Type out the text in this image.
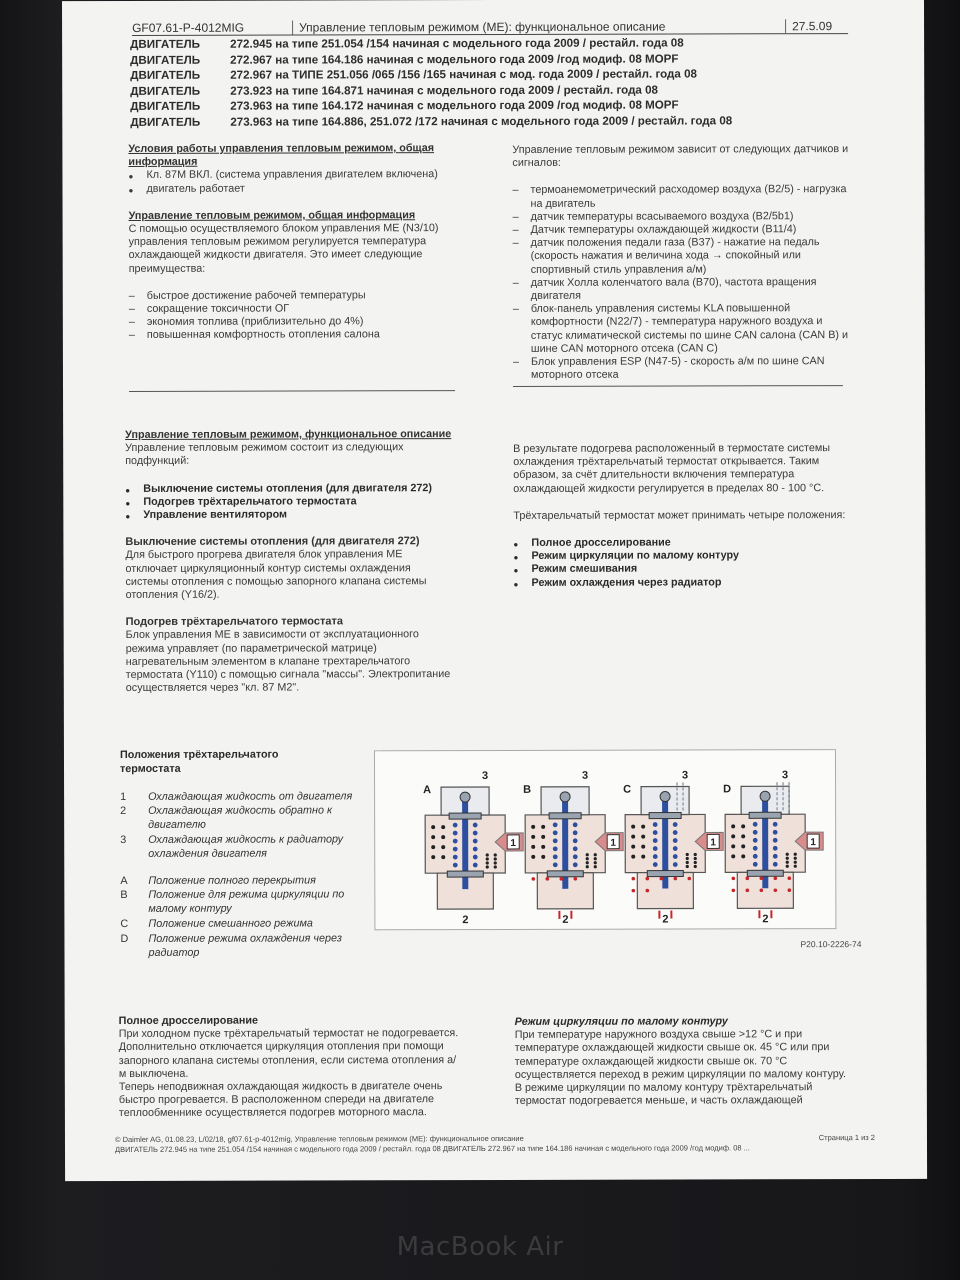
GF07.61-P-4012MIG	Управление тепловым режимом (ME): функциональное описание	27.5.09
ДВИГАТЕЛЬ	272.945 на типе 251.054 /154 начиная с модельного года 2009 / рестайл. года 08
ДВИГАТЕЛЬ	272.967 на типе 164.186 начиная с модельного года 2009 /год модиф. 08 MOPF
ДВИГАТЕЛЬ	272.967 на ТИПЕ 251.056 /065 /156 /165 начиная с мод. года 2009 / рестайл. года 08
ДВИГАТЕЛЬ	273.923 на типе 164.871 начиная с модельного года 2009 / рестайл. года 08
ДВИГАТЕЛЬ	273.963 на типе 164.172 начиная с модельного года 2009 /год модиф. 08 MOPF
ДВИГАТЕЛЬ	273.963 на типе 164.886, 251.072 /172 начиная с модельного года 2009 / рестайл. года 08
Условия работы управления тепловым режимом, общая информация
● Кл. 87M ВКЛ. (система управления двигателем включена)
● двигатель работает
Управление тепловым режимом, общая информация
С помощью осуществляемого блоком управления ME (N3/10) управления тепловым режимом регулируется температура охлаждающей жидкости двигателя. Это имеет следующие преимущества:
– быстрое достижение рабочей температуры
– сокращение токсичности ОГ
– экономия топлива (приблизительно до 4%)
– повышенная комфортность отопления салона
Управление тепловым режимом зависит от следующих датчиков и сигналов:
– термоанемометрический расходомер воздуха (B2/5) - нагрузка на двигатель
– датчик температуры всасываемого воздуха (B2/5b1)
– Датчик температуры охлаждающей жидкости (B11/4)
– датчик положения педали газа (B37) - нажатие на педаль (скорость нажатия и величина хода → спокойный или спортивный стиль управления а/м)
– датчик Холла коленчатого вала (B70), частота вращения двигателя
– блок-панель управления системы KLA повышенной комфортности (N22/7) - температура наружного воздуха и статус климатической системы по шине CAN салона (CAN B) и шине CAN моторного отсека (CAN C)
– Блок управления ESP (N47-5) - скорость а/м по шине CAN моторного отсека
Управление тепловым режимом, функциональное описание
Управление тепловым режимом состоит из следующих подфункций:
● Выключение системы отопления (для двигателя 272)
● Подогрев трёхтарельчатого термостата
● Управление вентилятором
Выключение системы отопления (для двигателя 272)
Для быстрого прогрева двигателя блок управления ME отключает циркуляционный контур системы охлаждения системы отопления с помощью запорного клапана системы отопления (Y16/2).
Подогрев трёхтарельчатого термостата
Блок управления ME в зависимости от эксплуатационного режима управляет (по параметрической матрице) нагревательным элементом в клапане трехтарельчатого термостата (Y110) с помощью сигнала "массы". Электропитание осуществляется через "кл. 87 M2".
В результате подогрева расположенный в термостате системы охлаждения трёхтарельчатый термостат открывается. Таким образом, за счёт длительности включения температура охлаждающей жидкости регулируется в пределах 80 - 100 °C.
Трёхтарельчатый термостат может принимать четыре положения:
● Полное дросселирование
● Режим циркуляции по малому контуру
● Режим смешивания
● Режим охлаждения через радиатор
Положения трёхтарельчатого термостата
1	Охлаждающая жидкость от двигателя
2	Охлаждающая жидкость обратно к двигателю
3	Охлаждающая жидкость к радиатору охлаждения двигателя
A	Положение полного перекрытия
B	Положение для режима циркуляции по малому контуру
C	Положение смешанного режима
D	Положение режима охлаждения через радиатор
1
A
3
2
1
B
3
2
1
C
3
2
1
D
3
2
P20.10-2226-74
Полное дросселирование
При холодном пуске трёхтарельчатый термостат не подогревается. Дополнительно отключается циркуляция отопления при помощи запорного клапана системы отопления, если система отопления а/м выключена.
Теперь неподвижная охлаждающая жидкость в двигателе очень быстро прогревается. В расположенном спереди на двигателе теплообменнике осуществляется подогрев моторного масла.
Режим циркуляции по малому контуру
При температуре наружного воздуха свыше >12 °C и при температуре охлаждающей жидкости свыше ок. 45 °C или при температуре охлаждающей жидкости свыше ок. 70 °C осуществляется переход в режим циркуляции по малому контуру.
В режиме циркуляции по малому контуру трёхтарельчатый термостат подогревается меньше, и часть охлаждающей
© Daimler AG, 01.08.23, L/02/18, gf07.61-p-4012mig, Управление тепловым режимом (ME): функциональное описание	Страница 1 из 2
ДВИГАТЕЛЬ 272.945 на типе 251.054 /154 начиная с модельного года 2009 / рестайл. года 08 ДВИГАТЕЛЬ 272.967 на типе 164.186 начиная с модельного года 2009 /год модиф. 08 ...
MacBook Air
